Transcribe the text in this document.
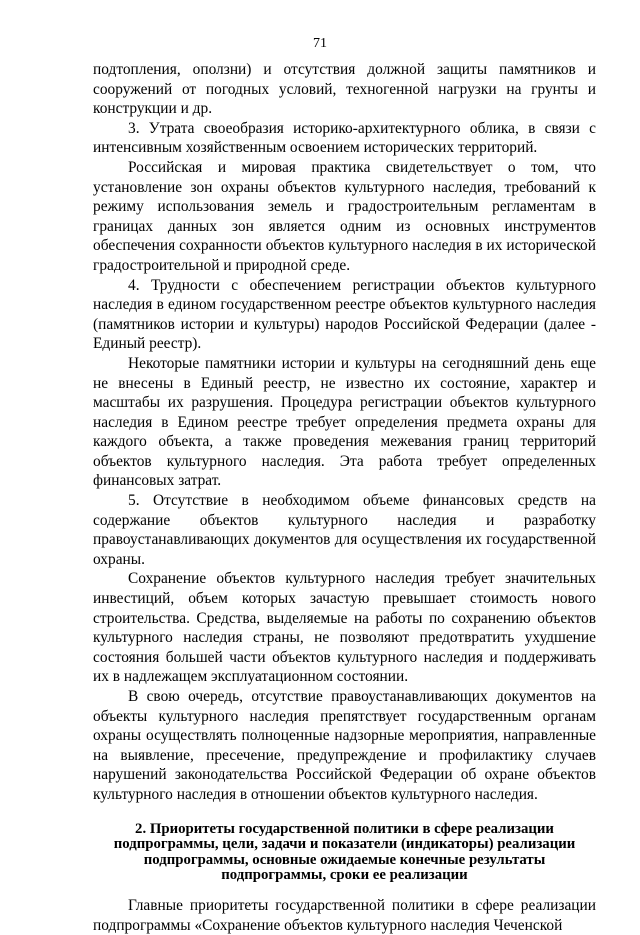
71

подтопления, оползни) и отсутствия должной защиты памятников и сооружений от погодных условий, техногенной нагрузки на грунты и конструкции и др.

3. Утрата своеобразия историко-архитектурного облика, в связи с интенсивным хозяйственным освоением исторических территорий.

Российская и мировая практика свидетельствует о том, что установление зон охраны объектов культурного наследия, требований к режиму использования земель и градостроительным регламентам в границах данных зон является одним из основных инструментов обеспечения сохранности объектов культурного наследия в их исторической градостроительной и природной среде.

4. Трудности с обеспечением регистрации объектов культурного наследия в едином государственном реестре объектов культурного наследия (памятников истории и культуры) народов Российской Федерации (далее - Единый реестр).

Некоторые памятники истории и культуры на сегодняшний день еще не внесены в Единый реестр, не известно их состояние, характер и масштабы их разрушения. Процедура регистрации объектов культурного наследия в Едином реестре требует определения предмета охраны для каждого объекта, а также проведения межевания границ территорий объектов культурного наследия. Эта работа требует определенных финансовых затрат.

5. Отсутствие в необходимом объеме финансовых средств на содержание объектов культурного наследия и разработку правоустанавливающих документов для осуществления их государственной охраны.

Сохранение объектов культурного наследия требует значительных инвестиций, объем которых зачастую превышает стоимость нового строительства. Средства, выделяемые на работы по сохранению объектов культурного наследия страны, не позволяют предотвратить ухудшение состояния большей части объектов культурного наследия и поддерживать их в надлежащем эксплуатационном состоянии.

В свою очередь, отсутствие правоустанавливающих документов на объекты культурного наследия препятствует государственным органам охраны осуществлять полноценные надзорные мероприятия, направленные на выявление, пресечение, предупреждение и профилактику случаев нарушений законодательства Российской Федерации об охране объектов культурного наследия в отношении объектов культурного наследия.

2. Приоритеты государственной политики в сфере реализации подпрограммы, цели, задачи и показатели (индикаторы) реализации подпрограммы, основные ожидаемые конечные результаты подпрограммы, сроки ее реализации

Главные приоритеты государственной политики в сфере реализации подпрограммы «Сохранение объектов культурного наследия Чеченской
